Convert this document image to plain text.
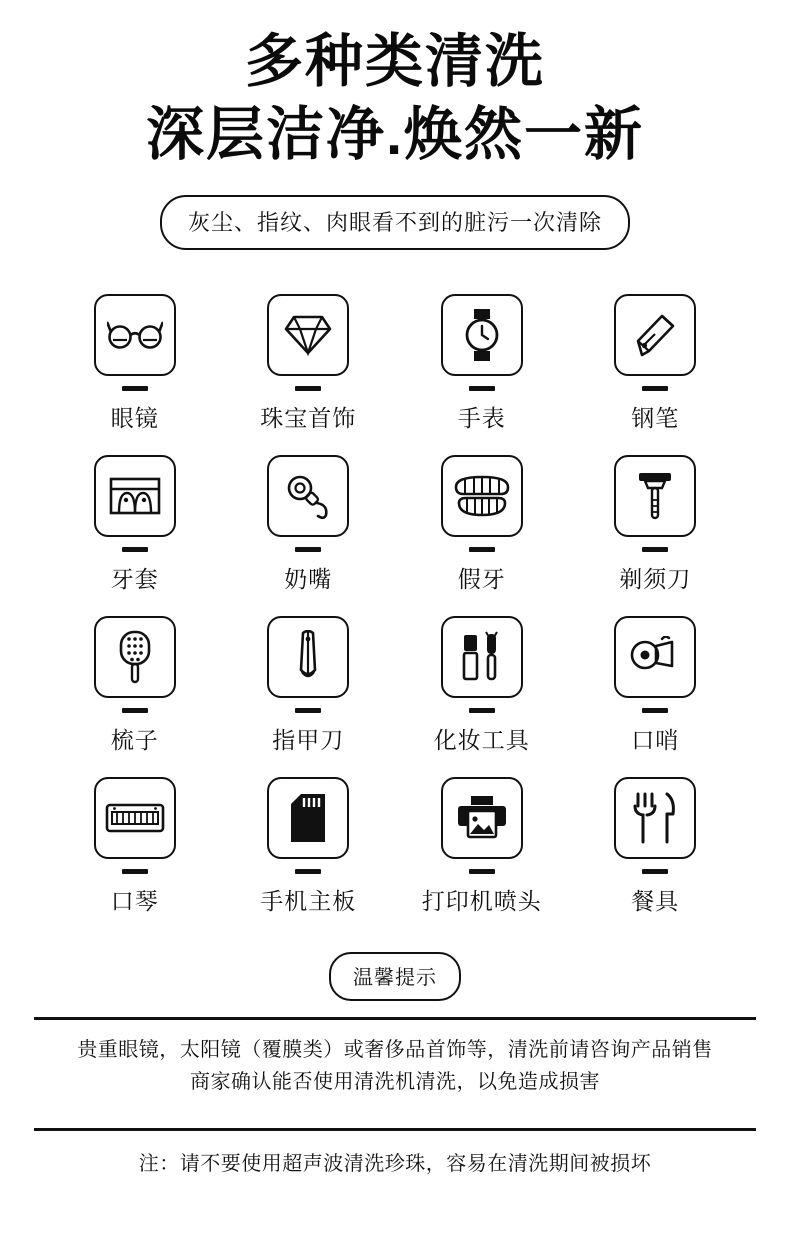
多种类清洗
深层洁净.焕然一新
灰尘、指纹、肉眼看不到的脏污一次清除
眼镜	珠宝首饰	手表	钢笔
牙套	奶嘴	假牙	剃须刀
梳子	指甲刀	化妆工具	口哨
口琴	手机主板	打印机喷头	餐具
温馨提示
贵重眼镜，太阳镜（覆膜类）或奢侈品首饰等，清洗前请咨询产品销售
商家确认能否使用清洗机清洗，以免造成损害
注：请不要使用超声波清洗珍珠，容易在清洗期间被损坏
